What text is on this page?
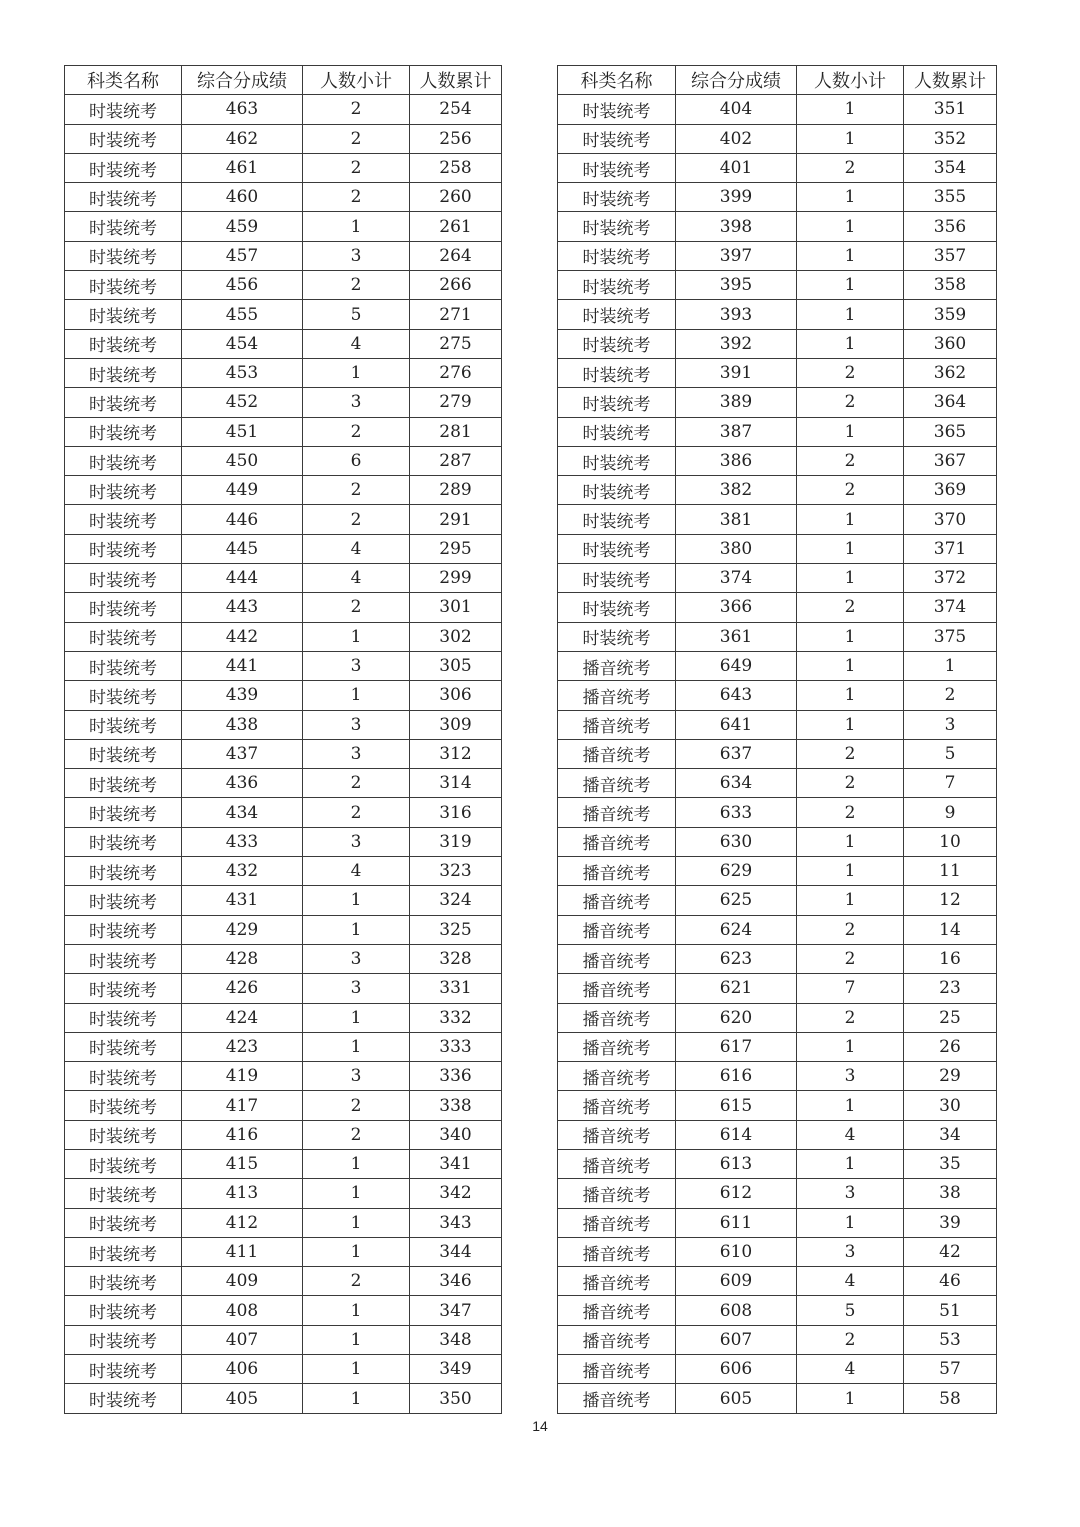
科类名称	综合分成绩	人数小计	人数累计
时装统考	463	2	254
时装统考	462	2	256
时装统考	461	2	258
时装统考	460	2	260
时装统考	459	1	261
时装统考	457	3	264
时装统考	456	2	266
时装统考	455	5	271
时装统考	454	4	275
时装统考	453	1	276
时装统考	452	3	279
时装统考	451	2	281
时装统考	450	6	287
时装统考	449	2	289
时装统考	446	2	291
时装统考	445	4	295
时装统考	444	4	299
时装统考	443	2	301
时装统考	442	1	302
时装统考	441	3	305
时装统考	439	1	306
时装统考	438	3	309
时装统考	437	3	312
时装统考	436	2	314
时装统考	434	2	316
时装统考	433	3	319
时装统考	432	4	323
时装统考	431	1	324
时装统考	429	1	325
时装统考	428	3	328
时装统考	426	3	331
时装统考	424	1	332
时装统考	423	1	333
时装统考	419	3	336
时装统考	417	2	338
时装统考	416	2	340
时装统考	415	1	341
时装统考	413	1	342
时装统考	412	1	343
时装统考	411	1	344
时装统考	409	2	346
时装统考	408	1	347
时装统考	407	1	348
时装统考	406	1	349
时装统考	405	1	350
科类名称	综合分成绩	人数小计	人数累计
时装统考	404	1	351
时装统考	402	1	352
时装统考	401	2	354
时装统考	399	1	355
时装统考	398	1	356
时装统考	397	1	357
时装统考	395	1	358
时装统考	393	1	359
时装统考	392	1	360
时装统考	391	2	362
时装统考	389	2	364
时装统考	387	1	365
时装统考	386	2	367
时装统考	382	2	369
时装统考	381	1	370
时装统考	380	1	371
时装统考	374	1	372
时装统考	366	2	374
时装统考	361	1	375
播音统考	649	1	1
播音统考	643	1	2
播音统考	641	1	3
播音统考	637	2	5
播音统考	634	2	7
播音统考	633	2	9
播音统考	630	1	10
播音统考	629	1	11
播音统考	625	1	12
播音统考	624	2	14
播音统考	623	2	16
播音统考	621	7	23
播音统考	620	2	25
播音统考	617	1	26
播音统考	616	3	29
播音统考	615	1	30
播音统考	614	4	34
播音统考	613	1	35
播音统考	612	3	38
播音统考	611	1	39
播音统考	610	3	42
播音统考	609	4	46
播音统考	608	5	51
播音统考	607	2	53
播音统考	606	4	57
播音统考	605	1	58
14
